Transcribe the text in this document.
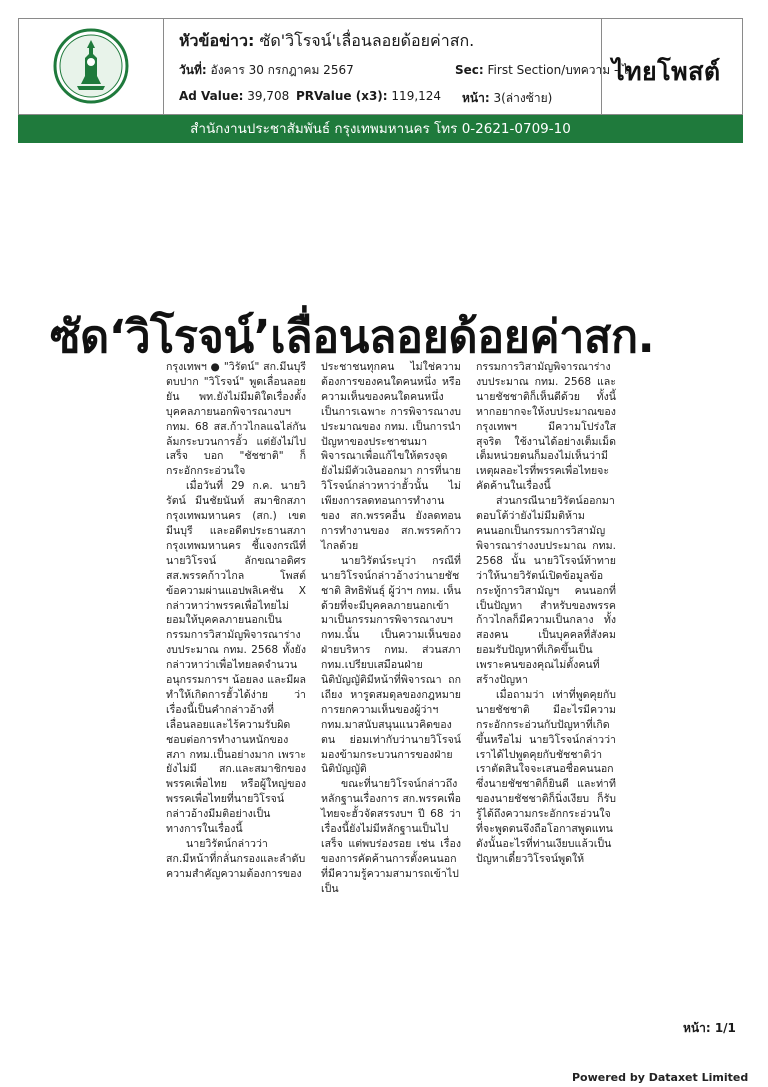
หัวข้อข่าว: ซัด'วิโรจน์'เลื่อนลอยด้อยค่าสก.
วันที่: อังคาร 30 กรกฎาคม 2567	Sec: First Section/บทความ - ไ
Ad Value: 39,708 PRValue (x3): 119,124 หน้า: 3(ล่างซ้าย)
ไทยโพสต์
สำนักงานประชาสัมพันธ์ กรุงเทพมหานคร โทร 0-2621-0709-10
ซัด‘วิโรจน์’เลื่อนลอยด้อยค่าสก.

กรุงเทพฯ ● "วิรัตน์" สก.มีนบุรี ตบปาก "วิโรจน์" พูดเลื่อนลอยยัน พท.ยังไม่มีมติใดเรื่องตั้งบุคคลภายนอกพิจารณางบฯ กทม. 68 สส.ก้าวไกลแฉไล่กันล้มกระบวนการอั้ว แต่ยังไม่ไปเสร็จ บอก "ชัชชาติ" ก็กระอักกระอ่วนใจ

เมื่อวันที่ 29 ก.ค. นายวิรัตน์ มีนชัยนันท์ สมาชิกสภากรุงเทพมหานคร (สก.) เขตมีนบุรี และอดีตประธานสภากรุงเทพมหานคร ชี้แจงกรณีที่นายวิโรจน์ ลักขณาอดิศร สส.พรรคก้าวไกล โพสต์ข้อความผ่านแอปพลิเคชัน X กล่าวหาว่าพรรคเพื่อไทยไม่ยอมให้บุคคลภายนอกเป็นกรรมการวิสามัญพิจารณาร่างงบประมาณ กทม. 2568 ทั้งยังกล่าวหาว่าเพื่อไทยลดจำนวนอนุกรรมการฯ น้อยลง และมีผลทำให้เกิดการฮั้วได้ง่าย ว่า เรื่องนี้เป็นคำกล่าวอ้างที่เลื่อนลอยและไร้ความรับผิดชอบต่อการทำงานหนักของสภา กทม.เป็นอย่างมาก เพราะยังไม่มี สก.และสมาชิกของพรรคเพื่อไทย หรือผู้ใหญ่ของพรรคเพื่อไทยที่นายวิโรจน์กล่าวอ้างมีมติอย่างเป็นทางการในเรื่องนี้

นายวิรัตน์กล่าวว่า สก.มีหน้าที่กลั่นกรองและลำดับความสำคัญความต้องการของ

ประชาชนทุกคน ไม่ใช่ความต้องการของคนใดคนหนึ่ง หรือความเห็นของคนใดคนหนึ่งเป็นการเฉพาะ การพิจารณางบประมาณของ กทม. เป็นการนำปัญหาของประชาชนมาพิจารณาเพื่อแก้ไขให้ตรงจุด ยังไม่มีตัวเงินออกมา การที่นายวิโรจน์กล่าวหาว่าฮั้วนั้น ไม่เพียงการลดทอนการทำงานของ สก.พรรคอื่น ยังลดทอนการทำงานของ สก.พรรคก้าวไกลด้วย

นายวิรัตน์ระบุว่า กรณีที่นายวิโรจน์กล่าวอ้างว่านายชัชชาติ สิทธิพันธุ์ ผู้ว่าฯ กทม. เห็นด้วยที่จะมีบุคคลภายนอกเข้ามาเป็นกรรมการพิจารณางบฯ กทม.นั้น เป็นความเห็นของฝ่ายบริหาร กทม. ส่วนสภา กทม.เปรียบเสมือนฝ่ายนิติบัญญัติมีหน้าที่พิจารณา ถกเถียง หารูดสมดุลของกฎหมาย การยกความเห็นของผู้ว่าฯ กทม.มาสนับสนุนแนวคิดของตน ย่อมเท่ากับว่านายวิโรจน์มองข้ามกระบวนการของฝ่ายนิติบัญญัติ

ขณะที่นายวิโรจน์กล่าวถึงหลักฐานเรื่องการ สก.พรรคเพื่อไทยจะฮั้วจัดสรรงบฯ ปี 68 ว่า เรื่องนี้ยังไม่มีหลักฐานเป็นไปเสร็จ แต่พบร่องรอย เช่น เรื่องของการคัดค้านการตั้งคนนอกที่มีความรู้ความสามารถเข้าไปเป็น

กรรมการวิสามัญพิจารณาร่างงบประมาณ กทม. 2568 และนายชัชชาติก็เห็นดีด้วย ทั้งนี้หากอยากจะให้งบประมาณของกรุงเทพฯ มีความโปร่งใส สุจริต ใช้งานได้อย่างเต็มเม็ดเต็มหน่วยตนก็มองไม่เห็นว่ามีเหตุผลอะไรที่พรรคเพื่อไทยจะคัดค้านในเรื่องนี้

ส่วนกรณีนายวิรัตน์ออกมาตอบโต้ว่ายังไม่มีมติห้ามคนนอกเป็นกรรมการวิสามัญพิจารณาร่างงบประมาณ กทม. 2568 นั้น นายวิโรจน์ท้าทายว่าให้นายวิรัตน์เปิดข้อมูลข้อกระทู้การวิสามัญฯ คนนอกที่เป็นปัญหา สำหรับของพรรคก้าวไกลก็มีความเป็นกลาง ทั้งสองคน เป็นบุคคลที่สังคมยอมรับปัญหาที่เกิดขึ้นเป็นเพราะคนของคุณไม่ตั้งคนที่สร้างปัญหา

เมื่อถามว่า เท่าที่พูดคุยกับนายชัชชาติ มีอะไรมีความกระอักกระอ่วนกับปัญหาที่เกิดขึ้นหรือไม่ นายวิโรจน์กล่าวว่า เราได้ไปพูดคุยกับชัชชาติว่าเราตัดสินใจจะเสนอชื่อคนนอก ซึ่งนายชัชชาติก็ยินดี และท่าทีของนายชัชชาติก็นิ่งเงียบ ก็รับรู้ได้ถึงความกระอักกระอ่วนใจที่จะพูดตนจึงถือโอกาสพูดแทน ดังนั้นอะไรที่ท่านเงียบแล้วเป็นปัญหาเดี๋ยววิโรจน์พูดให้

หน้า: 1/1
Powered by Dataxet Limited
